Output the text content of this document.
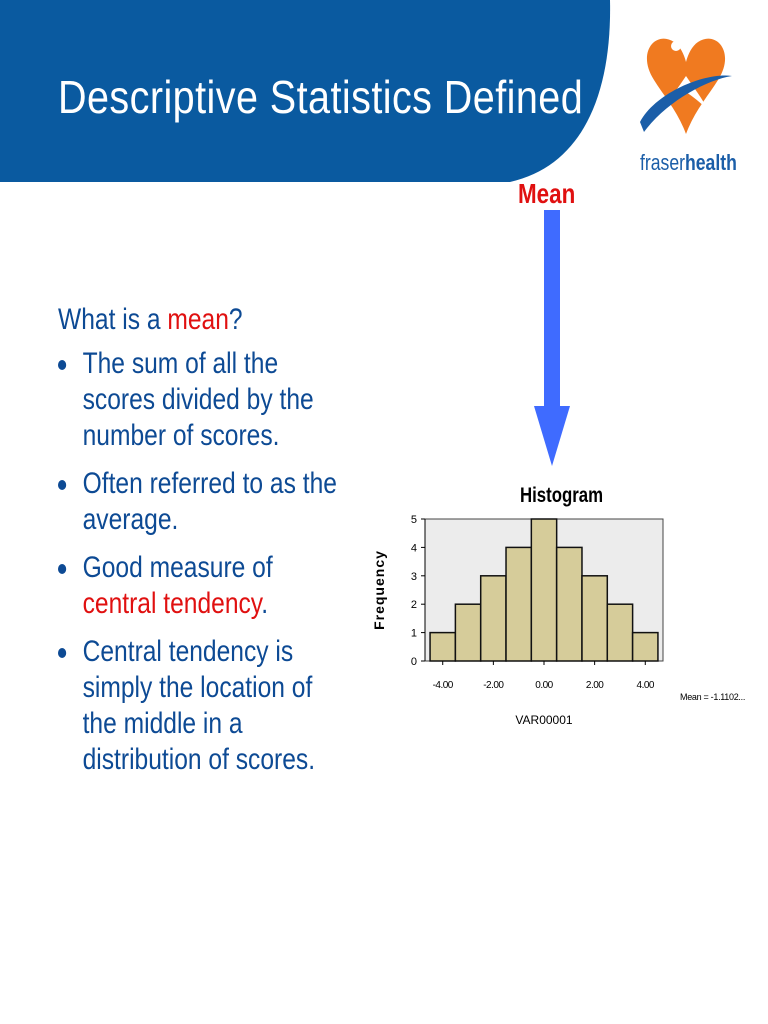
Descriptive Statistics Defined
fraserhealth
Mean

What is a mean?

The sum of all the scores divided by the number of scores.
Often referred to as the average.
Good measure of central tendency.
Central tendency is simply the location of the middle in a distribution of scores.
Histogram
0
1
2
3
4
5
-4.00	-2.00	0.00	2.00	4.00
VAR00001
Frequency
Mean = -1.1102...
